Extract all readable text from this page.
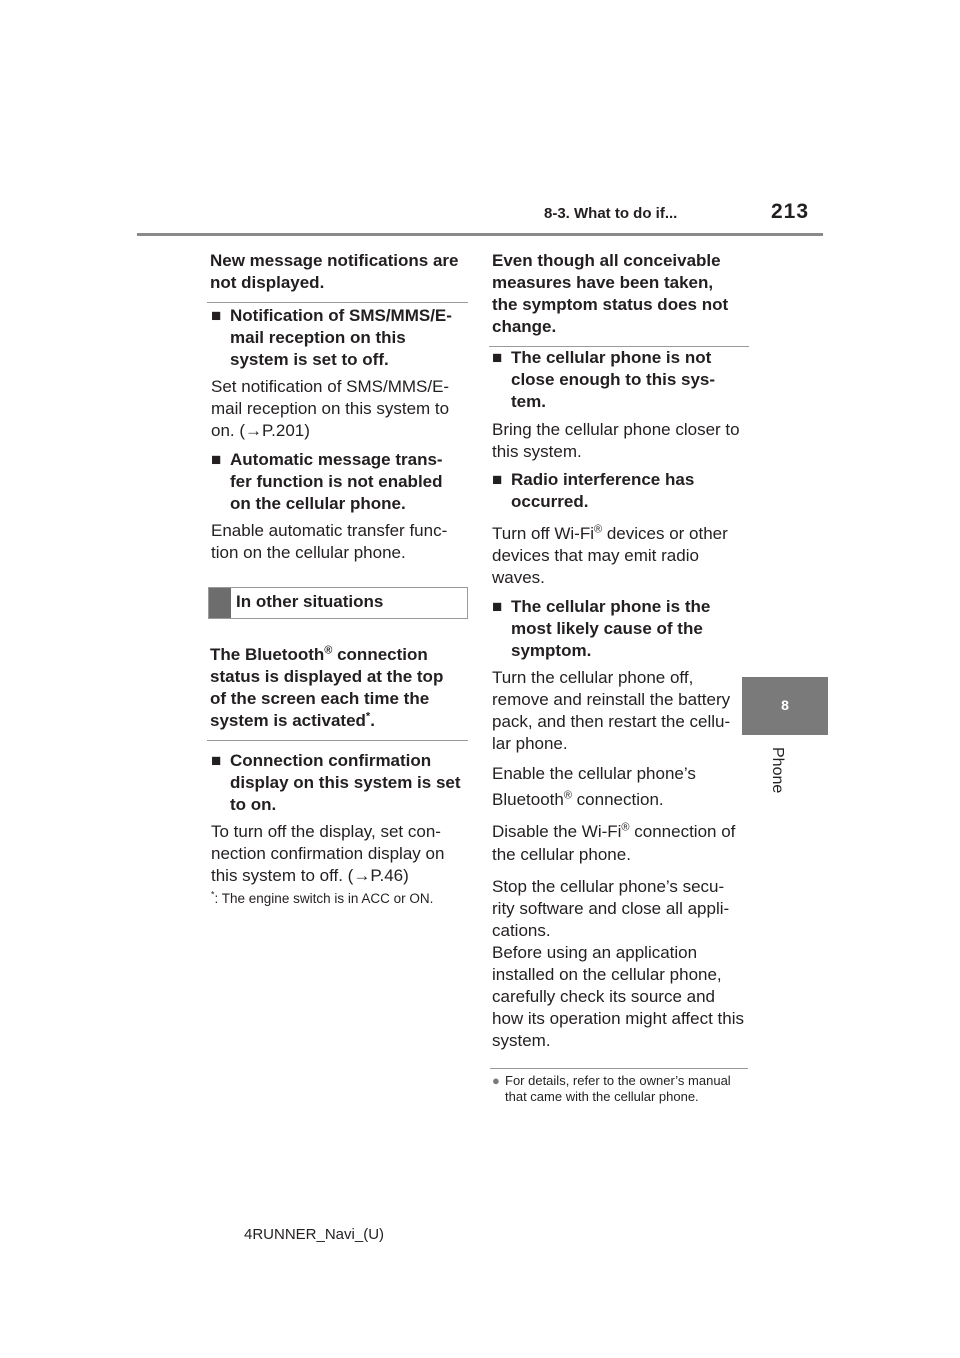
8-3. What to do if...	213
8
Phone
New message notifications are not displayed.
■ Notification of SMS/MMS/E-mail reception on this system is set to off.
Set notification of SMS/MMS/E-mail reception on this system to on. (→P.201)
■ Automatic message trans- fer function is not enabled on the cellular phone.
Enable automatic transfer func- tion on the cellular phone.
In other situations
The Bluetooth® connection status is displayed at the top of the screen each time the system is activated*.
■ Connection confirmation display on this system is set to on.
To turn off the display, set con- nection confirmation display on this system to off. (→P.46)
*: The engine switch is in ACC or ON.
Even though all conceivable measures have been taken, the symptom status does not change.
■ The cellular phone is not close enough to this sys- tem.
Bring the cellular phone closer to this system.
■ Radio interference has occurred.
Turn off Wi-Fi® devices or other devices that may emit radio waves.
■ The cellular phone is the most likely cause of the symptom.
Turn the cellular phone off, remove and reinstall the battery pack, and then restart the cellu- lar phone.
Enable the cellular phone’s Bluetooth® connection.
Disable the Wi-Fi® connection of the cellular phone.
Stop the cellular phone’s secu- rity software and close all appli- cations.
Before using an application installed on the cellular phone, carefully check its source and how its operation might affect this system.
● For details, refer to the owner’s manual that came with the cellular phone.
4RUNNER_Navi_(U)
